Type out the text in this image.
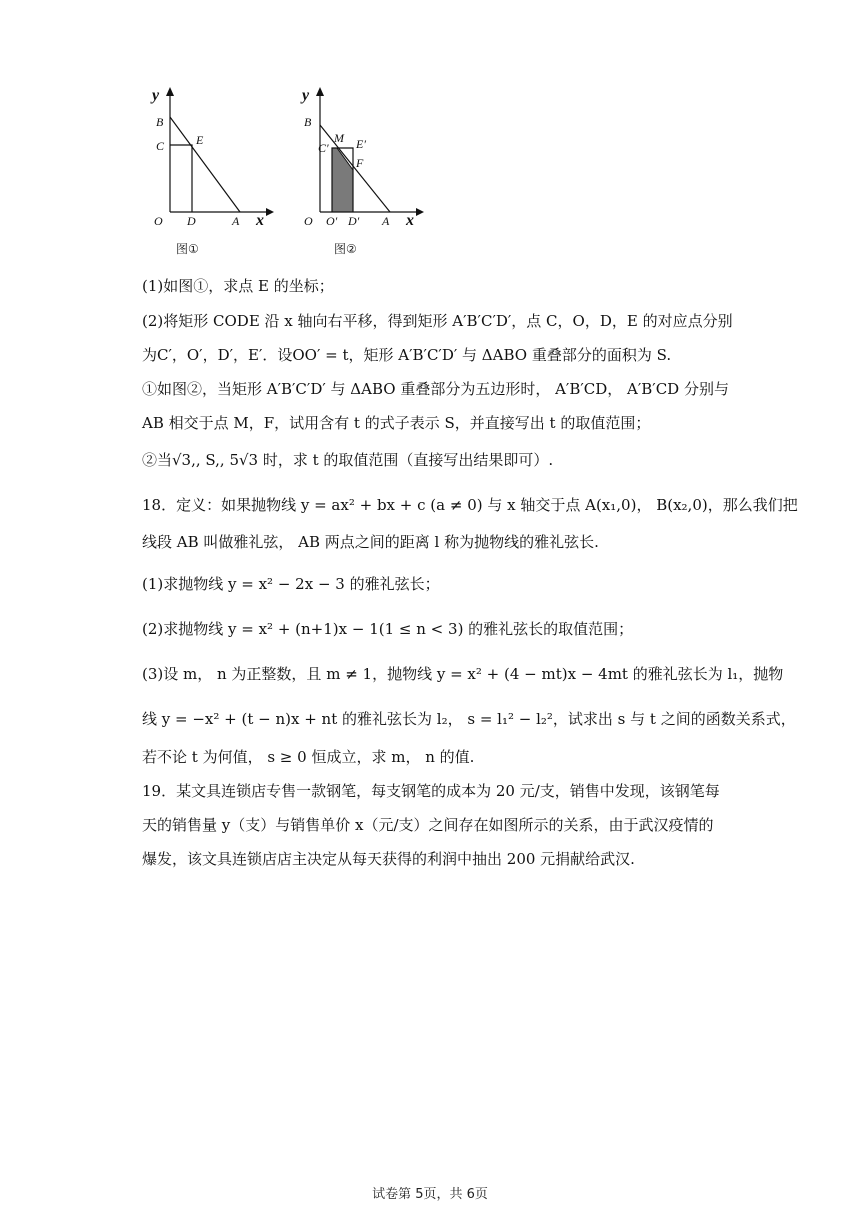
y
x
B
C	E
O D	A
图①
y
x
B
C′
M E′
F
O O′ D′ A
图②
(1)如图①，求点 E 的坐标；
(2)将矩形 CODE 沿 x 轴向右平移，得到矩形 A′B′C′D′，点 C，O，D，E 的对应点分别
为C′，O′，D′，E′．设OO′ = t，矩形 A′B′C′D′ 与 ΔABO 重叠部分的面积为 S.
①如图②，当矩形 A′B′C′D′ 与 ΔABO 重叠部分为五边形时， A′B′CD， A′B′CD 分别与
AB 相交于点 M，F，试用含有 t 的式子表示 S，并直接写出 t 的取值范围；
②当√3,, S,, 5√3 时，求 t 的取值范围（直接写出结果即可）.
18．定义：如果抛物线 y = ax² + bx + c (a ≠ 0) 与 x 轴交于点 A(x₁,0)， B(x₂,0)，那么我们把
线段 AB 叫做雅礼弦， AB 两点之间的距离 l 称为抛物线的雅礼弦长.
(1)求抛物线 y = x² − 2x − 3 的雅礼弦长；
(2)求抛物线 y = x² + (n+1)x − 1(1 ≤ n < 3) 的雅礼弦长的取值范围；
(3)设 m， n 为正整数，且 m ≠ 1，抛物线 y = x² + (4 − mt)x − 4mt 的雅礼弦长为 l₁，抛物
线 y = −x² + (t − n)x + nt 的雅礼弦长为 l₂， s = l₁² − l₂²，试求出 s 与 t 之间的函数关系式，
若不论 t 为何值， s ≥ 0 恒成立，求 m， n 的值.
19．某文具连锁店专售一款钢笔，每支钢笔的成本为 20 元/支，销售中发现，该钢笔每
天的销售量 y（支）与销售单价 x（元/支）之间存在如图所示的关系，由于武汉疫情的
爆发，该文具连锁店店主决定从每天获得的利润中抽出 200 元捐献给武汉.
试卷第 5页，共 6页
